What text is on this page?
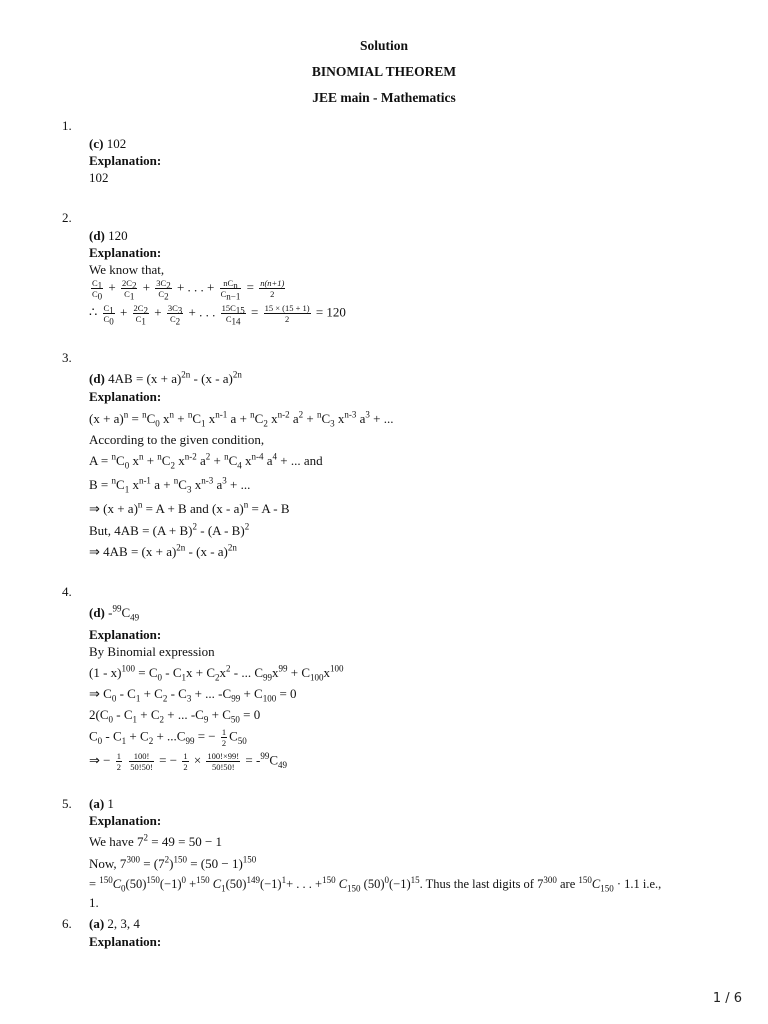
Solution
BINOMIAL THEOREM
JEE main - Mathematics
1.
(c) 102
Explanation:
102
2.
(d) 120
Explanation:
We know that,
$\frac{C_1}{C_0} + \frac{2C_2}{C_1} + \frac{3C_2}{C_2}$ + . . . + $\frac{nC_n}{C_{n-1}} = \frac{n(n+1)}{2}$
∴ $\frac{C_1}{C_0} + \frac{2C_2}{C_1} + \frac{3C_3}{C_2}$ + . . . $\frac{15C_{15}}{C_{14}} = \frac{15 \times (15 + 1)}{2} = 120$
3.
(d) $4AB = (x + a)^{2n} - (x - a)^{2n}$
Explanation:
$(x + a)^n = ^nC_0$ $x^n + ^nC_1$ $x^{n-1}$ $a + ^nC_2$ $x^{n-2}$ $a^2 + ^nC_3$ $x^{n-3}$ $a^3$ + ...
According to the given condition,
$A = ^nC_0$ $x^n + ^nC_2$ $x^{n-2}$ $a^2 + ^nC_4$ $x^{n-4}$ $a^4$ + ... and
$B = ^nC_1$ $x^{n-1}$ $a + ^nC_3$ $x^{n-3}$ $a^3$ + ...
⇒ $(x + a)^n = A + B$ and (x - a)$^n$ = A - B
But, $4AB = (A + B)^2 - (A - B)^2$
⇒ $4AB = (x + a)^{2n} - (x - a)^{2n}$
4.
(d) $-^{99}C_{49}$
Explanation:
By Binomial expression
$(1 - x)^{100} = C_0 - C_1x + C_2x^2$ - ... $C_{99}x^{99} + C_{100}x^{100}$
⇒ $C_0 - C_1 + C_2 - C_3$ + ... $-C_{99} + C_{100} = 0$
$2(C_0 - C_1 + C_2$ + ... $-C_9 + C_{50} = 0$
$C_0 - C_1 + C_2 + ...C_{99}$ = − $\frac{1}{2} C_{50}$
⇒ − $\frac{1}{2}$
$\frac{100!}{50!50!}$ = − $\frac{1}{2} \times \frac{100!\times 99!}{50!50!} = -^{99}C_{49}$
5. (a) 1
Explanation:
We have $7^2 = 49 = 50 - 1$
Now, $7^{300} = (7^2)^{150} = (50 - 1)^{150}$
= $^{150}C_0(50)^{150}(-1)^0 +^{150}$ $C_1(50)^{149}(-1)^1+$ . . . +$^{150}$ $C_{150}$ $(50)^0(-1)^{15}$. Thus the last digits of $7^{300}$ are $^{150}C_{150} \cdot 1.1$ i.e.,
1.
6. (a) 2, 3, 4
Explanation:
1 / 6
